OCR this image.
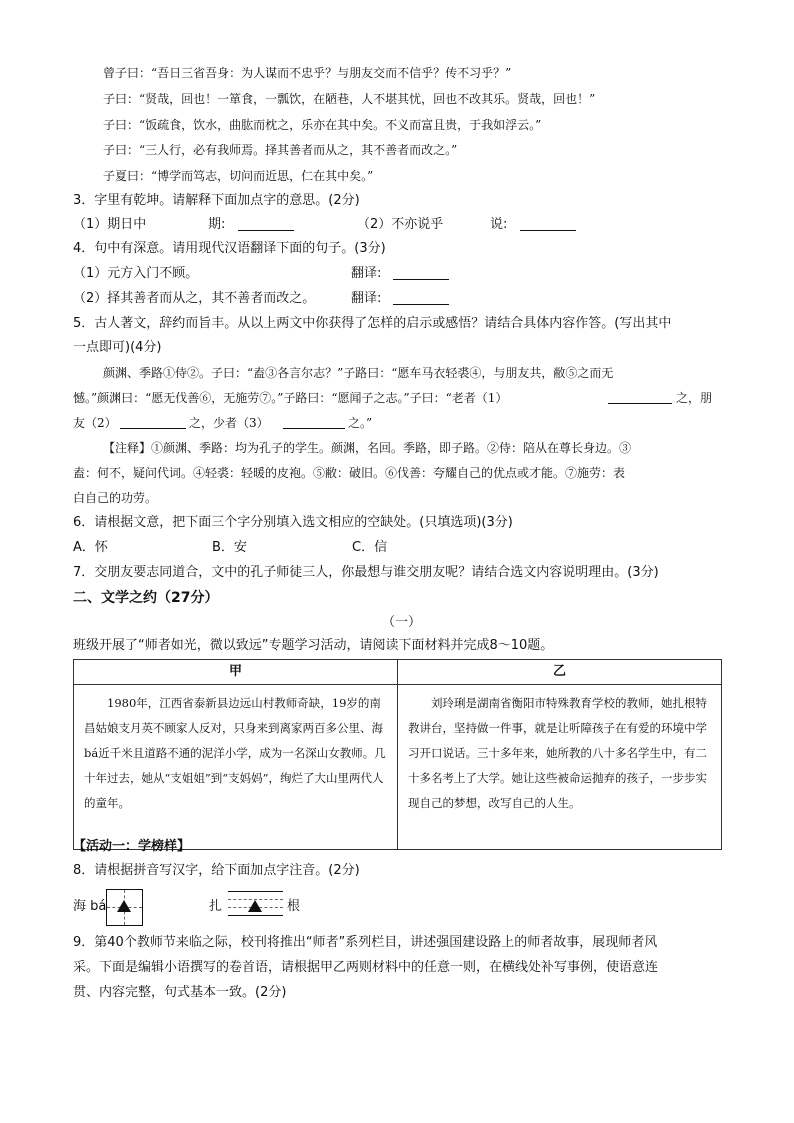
曾子曰：“吾日三省吾身：为人谋而不忠乎？与朋友交而不信乎？传不习乎？”
子曰：“贤哉，回也！一箪食，一瓢饮，在陋巷，人不堪其忧，回也不改其乐。贤哉，回也！”
子曰：“饭疏食，饮水，曲肱而枕之，乐亦在其中矣。不义而富且贵，于我如浮云。”
子曰：“三人行，必有我师焉。择其善者而从之，其不善者而改之。”
子夏曰：“博学而笃志，切问而近思，仁在其中矣。”
3．字里有乾坤。请解释下面加点字的意思。(2分)
（1）期日中	期:	（2）不亦说乎	说:
4．句中有深意。请用现代汉语翻译下面的句子。(3分)
（1）元方入门不顾。	翻译:
（2）择其善者而从之，其不善者而改之。	翻译:
5．古人著文，辞约而旨丰。从以上两文中你获得了怎样的启示或感悟？请结合具体内容作答。(写出其中
一点即可)(4分)
颜渊、季路①侍②。子曰：“盍③各言尔志？”子路曰：“愿车马衣轻裘④，与朋友共，敝⑤之而无
憾。”颜渊曰：“愿无伐善⑥，无施劳⑦。”子路曰：“愿闻子之志。”子曰：“老者（1）	之，朋
友（2）	之，少者（3）	之。”
【注释】①颜渊、季路：均为孔子的学生。颜渊，名回。季路，即子路。②侍：陪从在尊长身边。③
盍：何不，疑问代词。④轻裘：轻暖的皮袍。⑤敝：破旧。⑥伐善：夸耀自己的优点或才能。⑦施劳：表
白自己的功劳。
6．请根据文意，把下面三个字分别填入选文相应的空缺处。(只填选项)(3分)
A．怀	B．安	C．信
7．交朋友要志同道合，文中的孔子师徒三人，你最想与谁交朋友呢？请结合选文内容说明理由。(3分)
二、文学之约（27分）
（一）
班级开展了“师者如光，微以致远”专题学习活动，请阅读下面材料并完成8～10题。
甲	乙
1980年，江西省泰新县边远山村教师奇缺，19岁的南昌姑娘支月英不顾家人反对，只身来到离家两百多公里、海bá近千米且道路不通的泥洋小学，成为一名深山女教师。几十年过去，她从“支姐姐”到“支妈妈”，绚烂了大山里两代人的童年。	刘玲琍是湖南省衡阳市特殊教育学校的教师，她扎根特教讲台，坚持做一件事，就是让听障孩子在有爱的环境中学习开口说话。三十多年来，她所教的八十多名学生中，有二十多名考上了大学。她让这些被命运抛弃的孩子，一步步实现自己的梦想，改写自己的人生。
【活动一：学榜样】
8．请根据拼音写汉字，给下面加点字注音。(2分)
海 bá	扎	根
9．第40个教师节来临之际，校刊将推出“师者”系列栏目，讲述强国建设路上的师者故事，展现师者风
采。下面是编辑小语撰写的卷首语，请根据甲乙两则材料中的任意一则，在横线处补写事例，使语意连
贯、内容完整，句式基本一致。(2分)
